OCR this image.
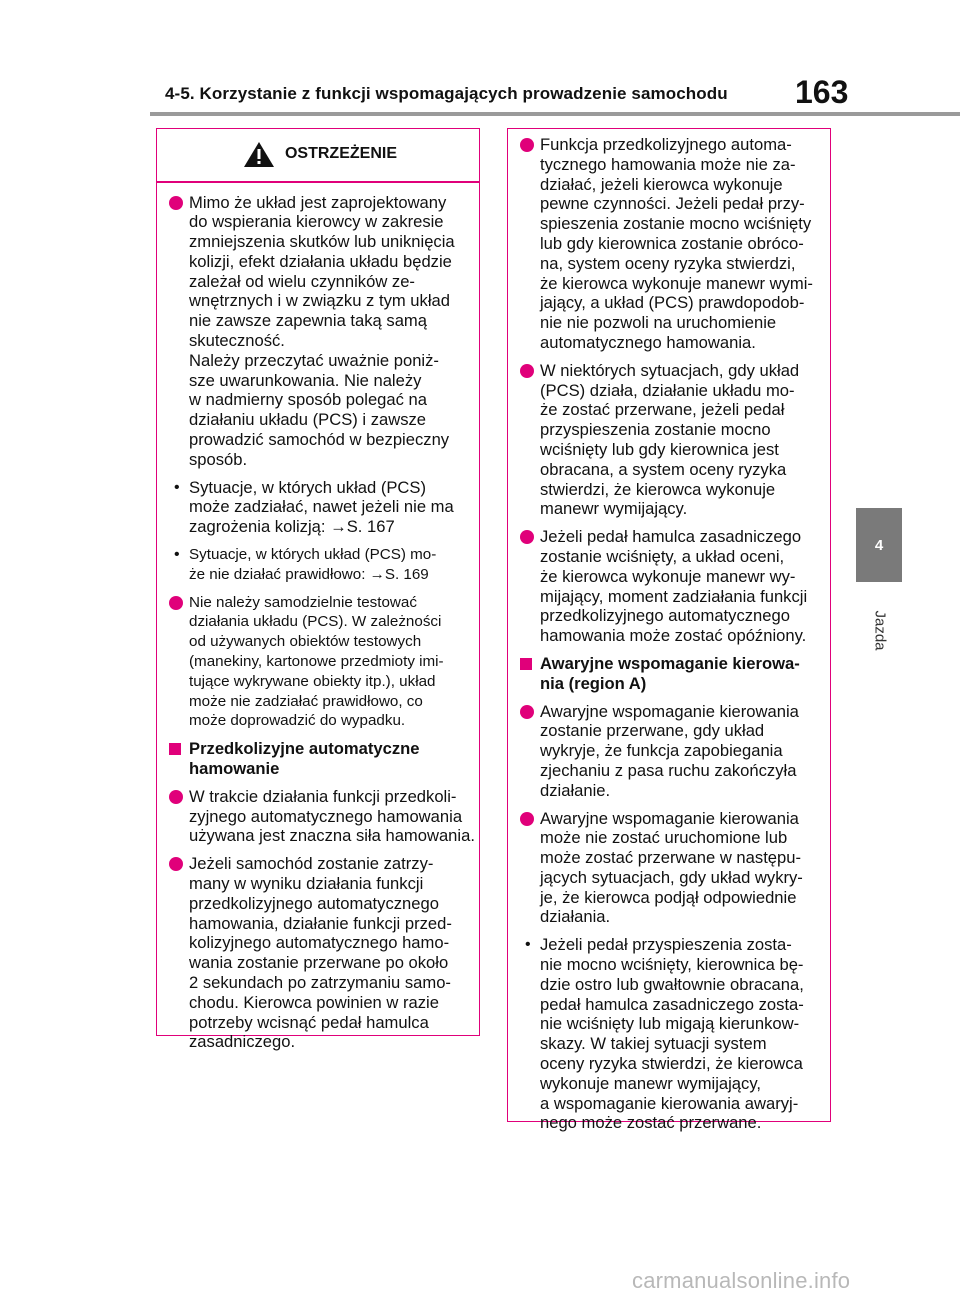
4-5. Korzystanie z funkcji wspomagających prowadzenie samochodu 163
4
Jazda
OSTRZEŻENIE
Mimo że układ jest zaprojektowany
do wspierania kierowcy w zakresie
zmniejszenia skutków lub uniknięcia
kolizji, efekt działania układu będzie
zależał od wielu czynników ze-
wnętrznych i w związku z tym układ
nie zawsze zapewnia taką samą
skuteczność.
Należy przeczytać uważnie poniż-
sze uwarunkowania. Nie należy
w nadmierny sposób polegać na
działaniu układu (PCS) i zawsze
prowadzić samochód w bezpieczny
sposób.
• Sytuacje, w których układ (PCS)
może zadziałać, nawet jeżeli nie ma
zagrożenia kolizją: →S. 167
• Sytuacje, w których układ (PCS) mo-
że nie działać prawidłowo: →S. 169
Nie należy samodzielnie testować
działania układu (PCS). W zależności
od używanych obiektów testowych
(manekiny, kartonowe przedmioty imi-
tujące wykrywane obiekty itp.), układ
może nie zadziałać prawidłowo, co
może doprowadzić do wypadku.
Przedkolizyjne automatyczne
hamowanie
W trakcie działania funkcji przedkoli-
zyjnego automatycznego hamowania
używana jest znaczna siła hamowania.
Jeżeli samochód zostanie zatrzy-
many w wyniku działania funkcji
przedkolizyjnego automatycznego
hamowania, działanie funkcji przed-
kolizyjnego automatycznego hamo-
wania zostanie przerwane po około
2 sekundach po zatrzymaniu samo-
chodu. Kierowca powinien w razie
potrzeby wcisnąć pedał hamulca
zasadniczego.
Funkcja przedkolizyjnego automa-
tycznego hamowania może nie za-
działać, jeżeli kierowca wykonuje
pewne czynności. Jeżeli pedał przy-
spieszenia zostanie mocno wciśnięty
lub gdy kierownica zostanie obróco-
na, system oceny ryzyka stwierdzi,
że kierowca wykonuje manewr wymi-
jający, a układ (PCS) prawdopodob-
nie nie pozwoli na uruchomienie
automatycznego hamowania.
W niektórych sytuacjach, gdy układ
(PCS) działa, działanie układu mo-
że zostać przerwane, jeżeli pedał
przyspieszenia zostanie mocno
wciśnięty lub gdy kierownica jest
obracana, a system oceny ryzyka
stwierdzi, że kierowca wykonuje
manewr wymijający.
Jeżeli pedał hamulca zasadniczego
zostanie wciśnięty, a układ oceni,
że kierowca wykonuje manewr wy-
mijający, moment zadziałania funkcji
przedkolizyjnego automatycznego
hamowania może zostać opóźniony.
Awaryjne wspomaganie kierowa-
nia (region A)
Awaryjne wspomaganie kierowania
zostanie przerwane, gdy układ
wykryje, że funkcja zapobiegania
zjechaniu z pasa ruchu zakończyła
działanie.
Awaryjne wspomaganie kierowania
może nie zostać uruchomione lub
może zostać przerwane w następu-
jących sytuacjach, gdy układ wykry-
je, że kierowca podjął odpowiednie
działania.
• Jeżeli pedał przyspieszenia zosta-
nie mocno wciśnięty, kierownica bę-
dzie ostro lub gwałtownie obracana,
pedał hamulca zasadniczego zosta-
nie wciśnięty lub migają kierunkow-
skazy. W takiej sytuacji system
oceny ryzyka stwierdzi, że kierowca
wykonuje manewr wymijający,
a wspomaganie kierowania awaryj-
nego może zostać przerwane.
carmanualsonline.info
